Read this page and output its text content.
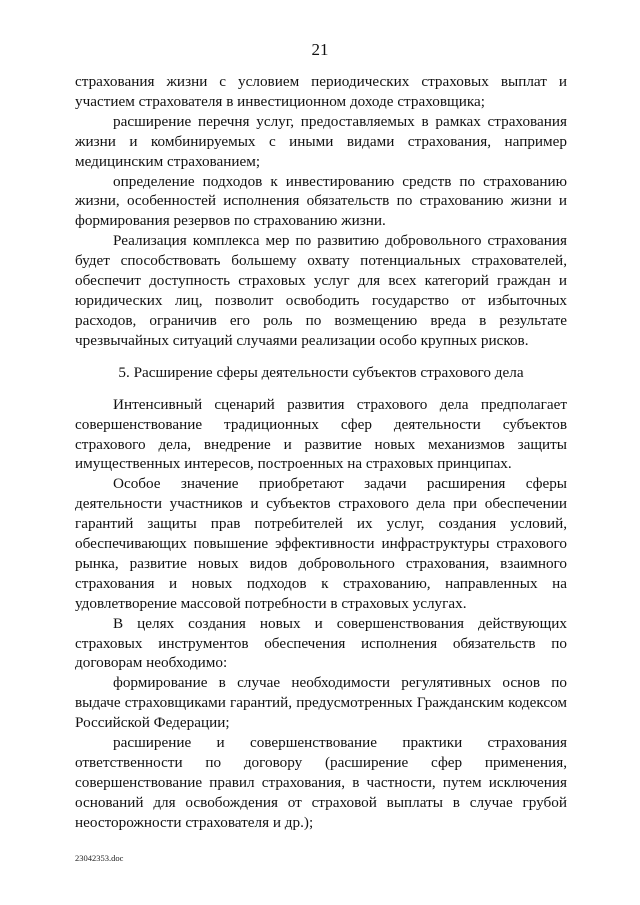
21

страхования жизни с условием периодических страховых выплат и участием страхователя в инвестиционном доходе страховщика;

расширение перечня услуг, предоставляемых в рамках страхования жизни и комбинируемых с иными видами страхования, например медицинским страхованием;

определение подходов к инвестированию средств по страхованию жизни, особенностей исполнения обязательств по страхованию жизни и формирования резервов по страхованию жизни.

Реализация комплекса мер по развитию добровольного страхования будет способствовать большему охвату потенциальных страхователей, обеспечит доступность страховых услуг для всех категорий граждан и юридических лиц, позволит освободить государство от избыточных расходов, ограничив его роль по возмещению вреда в результате чрезвычайных ситуаций случаями реализации особо крупных рисков.

5. Расширение сферы деятельности субъектов страхового дела

Интенсивный сценарий развития страхового дела предполагает совершенствование традиционных сфер деятельности субъектов страхового дела, внедрение и развитие новых механизмов защиты имущественных интересов, построенных на страховых принципах.

Особое значение приобретают задачи расширения сферы деятельности участников и субъектов страхового дела при обеспечении гарантий защиты прав потребителей их услуг, создания условий, обеспечивающих повышение эффективности инфраструктуры страхового рынка, развитие новых видов добровольного страхования, взаимного страхования и новых подходов к страхованию, направленных на удовлетворение массовой потребности в страховых услугах.

В целях создания новых и совершенствования действующих страховых инструментов обеспечения исполнения обязательств по договорам необходимо:

формирование в случае необходимости регулятивных основ по выдаче страховщиками гарантий, предусмотренных Гражданским кодексом Российской Федерации;

расширение и совершенствование практики страхования ответственности по договору (расширение сфер применения, совершенствование правил страхования, в частности, путем исключения оснований для освобождения от страховой выплаты в случае грубой неосторожности страхователя и др.);

23042353.doc
